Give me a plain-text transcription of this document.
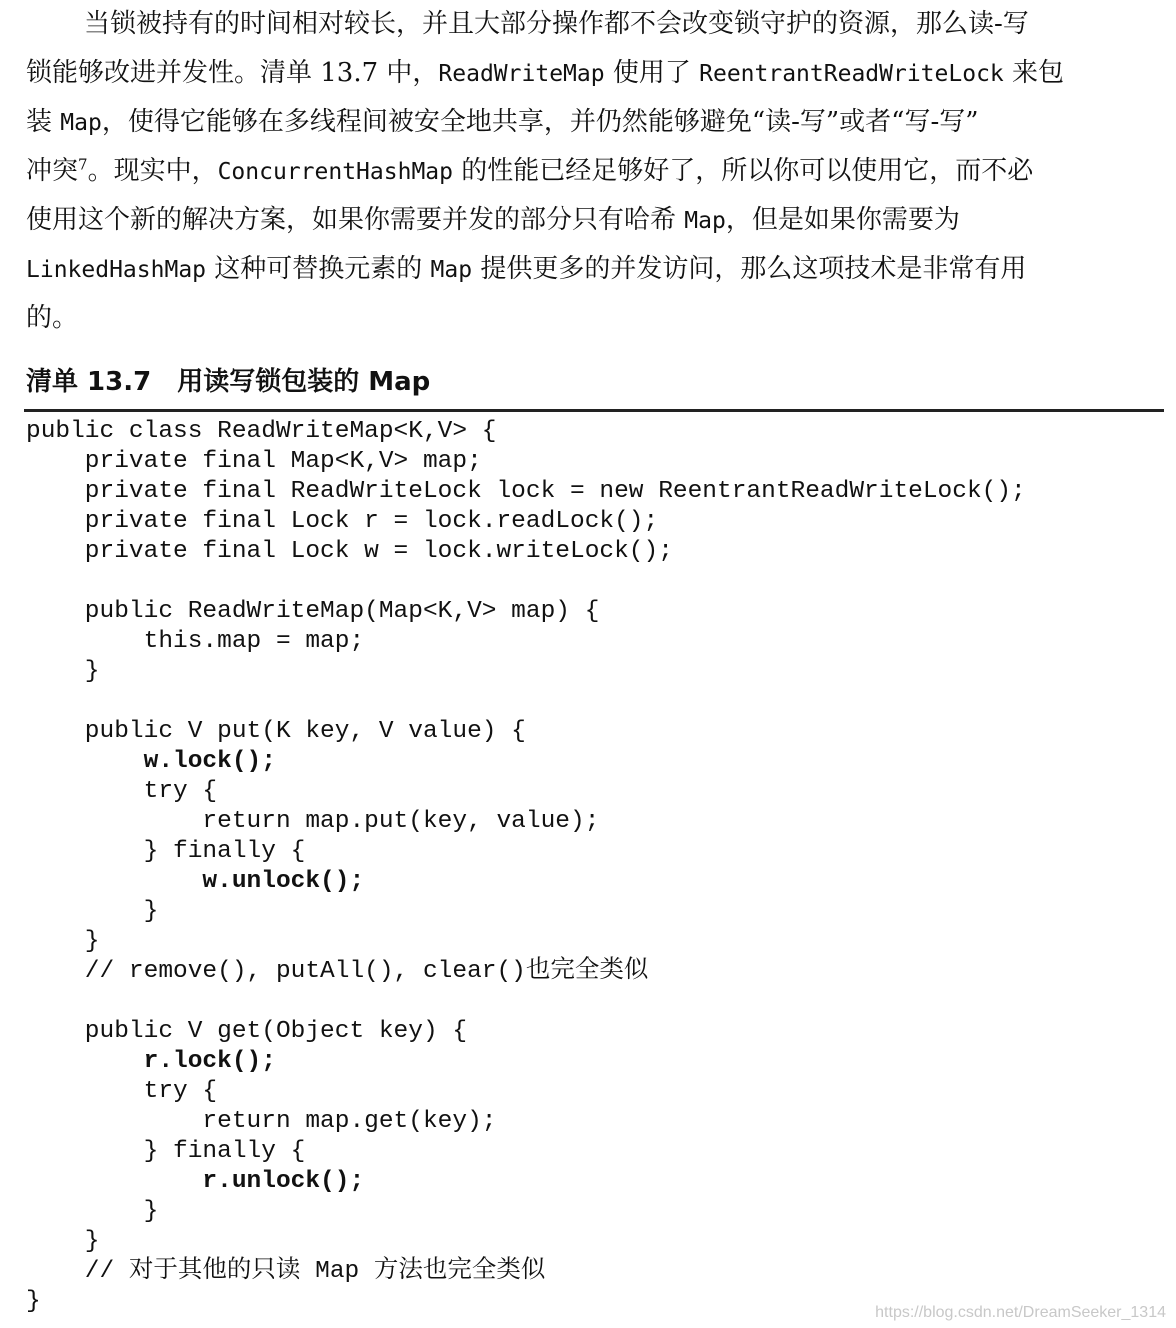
当锁被持有的时间相对较长，并且大部分操作都不会改变锁守护的资源，那么读-写
锁能够改进并发性。清单 13.7 中，ReadWriteMap 使用了 ReentrantReadWriteLock 来包
装 Map，使得它能够在多线程间被安全地共享，并仍然能够避免“读-写”或者“写-写”
冲突$^7$。现实中，ConcurrentHashMap 的性能已经足够好了，所以你可以使用它，而不必
使用这个新的解决方案，如果你需要并发的部分只有哈希 Map，但是如果你需要为
LinkedHashMap 这种可替换元素的 Map 提供更多的并发访问，那么这项技术是非常有用
的。
清单 13.7 用读写锁包装的 Map
public class ReadWriteMap<K,V> {
private final Map<K,V> map;
private final ReadWriteLock lock = new ReentrantReadWriteLock();
private final Lock r = lock.readLock();
private final Lock w = lock.writeLock();
public ReadWriteMap(Map<K,V> map) {
this.map = map;
}
public V put(K key, V value) {
w.lock();
try {
return map.put(key, value);
} finally {
w.unlock();
}
}
// remove(), putAll(), clear()也完全类似
public V get(Object key) {
r.lock();
try {
return map.get(key);
} finally {
r.unlock();
}
}
// 对于其他的只读 Map 方法也完全类似
}	https://blog.csdn.net/DreamSeeker_1314
